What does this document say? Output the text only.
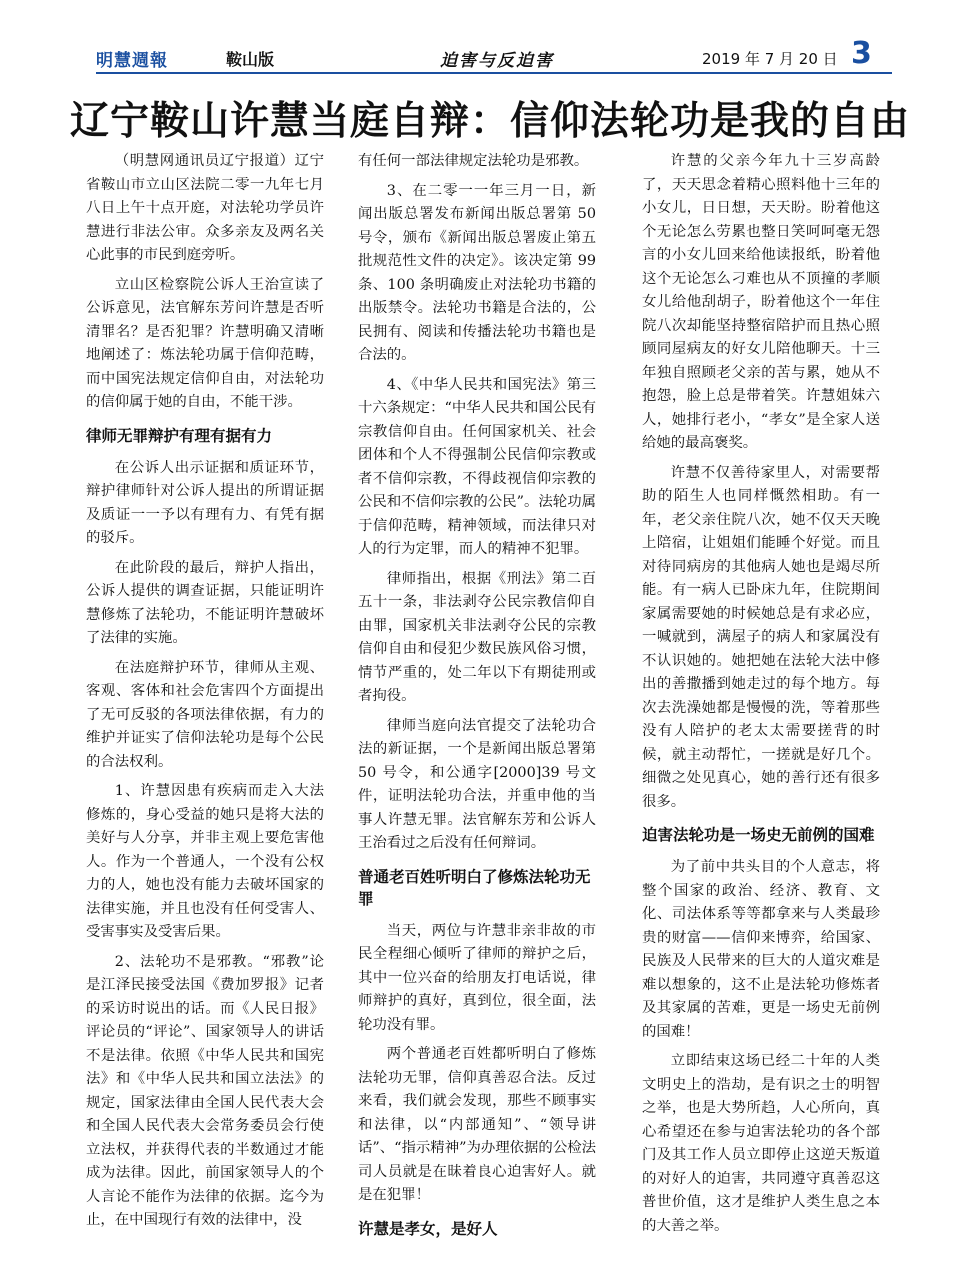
明慧週報	鞍山版	迫害与反迫害	2019 年 7 月 20 日 3
辽宁鞍山许慧当庭自辩：信仰法轮功是我的自由

（明慧网通讯员辽宁报道）辽宁省鞍山市立山区法院二零一九年七月八日上午十点开庭，对法轮功学员许慧进行非法公审。众多亲友及两名关心此事的市民到庭旁听。

立山区检察院公诉人王治宣读了公诉意见，法官解东芳问许慧是否听清罪名？是否犯罪？许慧明确又清晰地阐述了：炼法轮功属于信仰范畴，而中国宪法规定信仰自由，对法轮功的信仰属于她的自由，不能干涉。

律师无罪辩护有理有据有力

在公诉人出示证据和质证环节，辩护律师针对公诉人提出的所谓证据及质证一一予以有理有力、有凭有据的驳斥。

在此阶段的最后，辩护人指出，公诉人提供的调查证据，只能证明许慧修炼了法轮功，不能证明许慧破坏了法律的实施。

在法庭辩护环节，律师从主观、客观、客体和社会危害四个方面提出了无可反驳的各项法律依据，有力的维护并证实了信仰法轮功是每个公民的合法权利。

1、许慧因患有疾病而走入大法修炼的，身心受益的她只是将大法的美好与人分享，并非主观上要危害他人。作为一个普通人，一个没有公权力的人，她也没有能力去破坏国家的法律实施，并且也没有任何受害人、受害事实及受害后果。

2、法轮功不是邪教。“邪教”论是江泽民接受法国《费加罗报》记者的采访时说出的话。而《人民日报》评论员的“评论”、国家领导人的讲话不是法律。依照《中华人民共和国宪法》和《中华人民共和国立法法》的规定，国家法律由全国人民代表大会和全国人民代表大会常务委员会行使立法权，并获得代表的半数通过才能成为法律。因此，前国家领导人的个人言论不能作为法律的依据。迄今为止，在中国现行有效的法律中，没

有任何一部法律规定法轮功是邪教。

3、在二零一一年三月一日，新闻出版总署发布新闻出版总署第 50 号令，颁布《新闻出版总署废止第五批规范性文件的决定》。该决定第 99 条、100 条明确废止对法轮功书籍的出版禁令。法轮功书籍是合法的，公民拥有、阅读和传播法轮功书籍也是合法的。

4、《中华人民共和国宪法》第三十六条规定：“中华人民共和国公民有宗教信仰自由。任何国家机关、社会团体和个人不得强制公民信仰宗教或者不信仰宗教，不得歧视信仰宗教的公民和不信仰宗教的公民”。法轮功属于信仰范畴，精神领域，而法律只对人的行为定罪，而人的精神不犯罪。

律师指出，根据《刑法》第二百五十一条，非法剥夺公民宗教信仰自由罪，国家机关非法剥夺公民的宗教信仰自由和侵犯少数民族风俗习惯，情节严重的，处二年以下有期徒刑或者拘役。

律师当庭向法官提交了法轮功合法的新证据，一个是新闻出版总署第 50 号令，和公通字[2000]39 号文件，证明法轮功合法，并重申他的当事人许慧无罪。法官解东芳和公诉人王治看过之后没有任何辩词。

普通老百姓听明白了修炼法轮功无罪

当天，两位与许慧非亲非故的市民全程细心倾听了律师的辩护之后，其中一位兴奋的给朋友打电话说，律师辩护的真好，真到位，很全面，法轮功没有罪。

两个普通老百姓都听明白了修炼法轮功无罪，信仰真善忍合法。反过来看，我们就会发现，那些不顾事实和法律，以“内部通知”、“领导讲话”、“指示精神”为办理依据的公检法司人员就是在昧着良心迫害好人。就是在犯罪！

许慧是孝女，是好人

许慧的父亲今年九十三岁高龄了，天天思念着精心照料他十三年的小女儿，日日想，天天盼。盼着他这个无论怎么劳累也整日笑呵呵毫无怨言的小女儿回来给他读报纸，盼着他这个无论怎么刁难也从不顶撞的孝顺女儿给他刮胡子，盼着他这个一年住院八次却能坚持整宿陪护而且热心照顾同屋病友的好女儿陪他聊天。十三年独自照顾老父亲的苦与累，她从不抱怨，脸上总是带着笑。许慧姐妹六人，她排行老小，“孝女”是全家人送给她的最高褒奖。

许慧不仅善待家里人，对需要帮助的陌生人也同样慨然相助。有一年，老父亲住院八次，她不仅天天晚上陪宿，让姐姐们能睡个好觉。而且对待同病房的其他病人她也是竭尽所能。有一病人已卧床九年，住院期间家属需要她的时候她总是有求必应，一喊就到，满屋子的病人和家属没有不认识她的。她把她在法轮大法中修出的善撒播到她走过的每个地方。每次去洗澡她都是慢慢的洗，等着那些没有人陪护的老太太需要搓背的时候，就主动帮忙，一搓就是好几个。细微之处见真心，她的善行还有很多很多。

迫害法轮功是一场史无前例的国难

为了前中共头目的个人意志，将整个国家的政治、经济、教育、文化、司法体系等等都拿来与人类最珍贵的财富——信仰来博弈，给国家、民族及人民带来的巨大的人道灾难是难以想象的，这不止是法轮功修炼者及其家属的苦难，更是一场史无前例的国难！

立即结束这场已经二十年的人类文明史上的浩劫，是有识之士的明智之举，也是大势所趋，人心所向，真心希望还在参与迫害法轮功的各个部门及其工作人员立即停止这逆天叛道的对好人的迫害，共同遵守真善忍这普世价值，这才是维护人类生息之本的大善之举。
